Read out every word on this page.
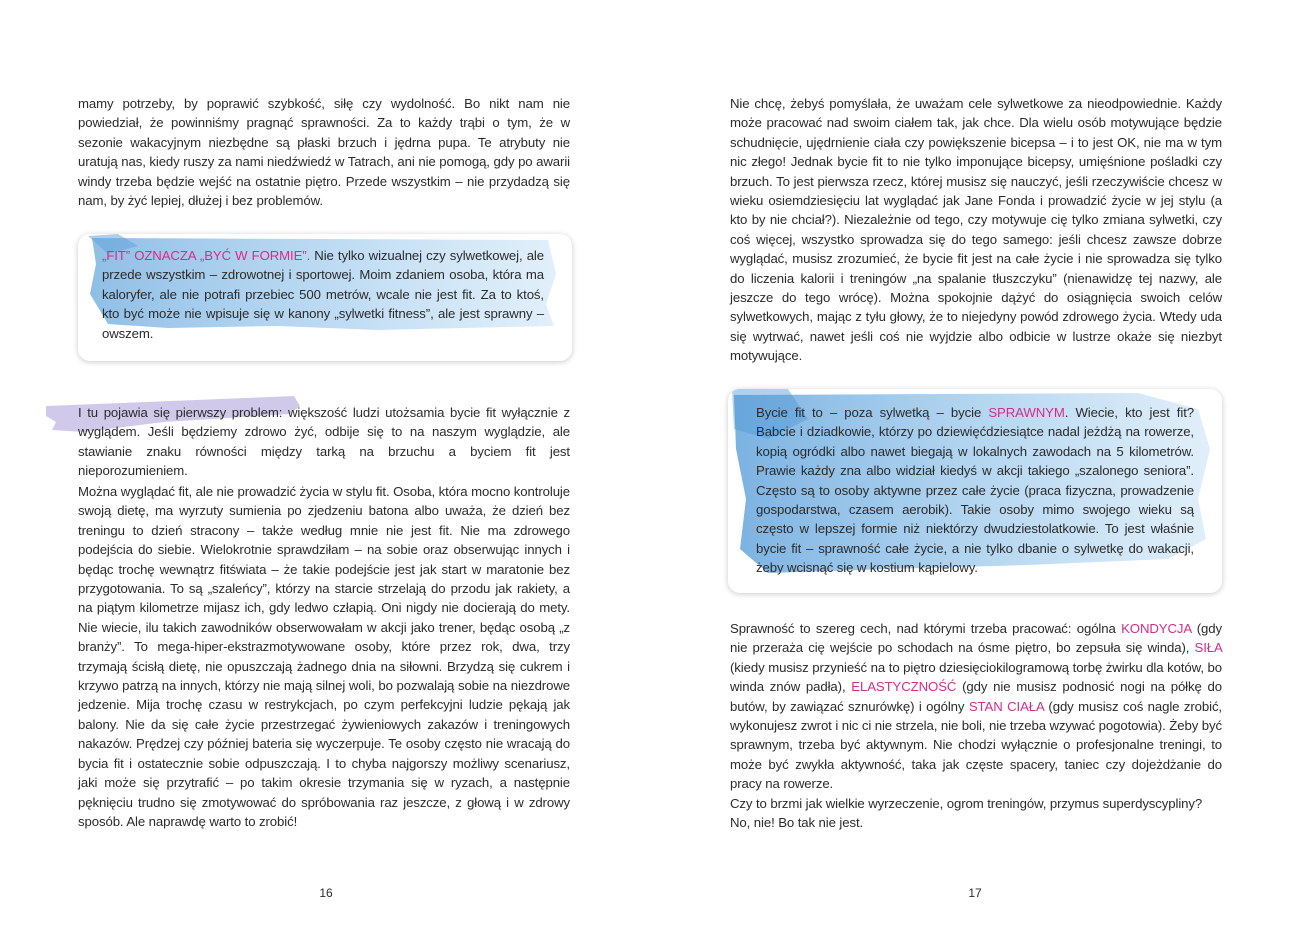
mamy potrzeby, by poprawić szybkość, siłę czy wydolność. Bo nikt nam nie powiedział, że powinniśmy pragnąć sprawności. Za to każdy trąbi o tym, że w sezonie wakacyjnym niezbędne są płaski brzuch i jędrna pupa. Te atrybuty nie uratują nas, kiedy ruszy za nami niedźwiedź w Tatrach, ani nie pomogą, gdy po awarii windy trzeba będzie wejść na ostatnie piętro. Przede wszystkim – nie przydadzą się nam, by żyć lepiej, dłużej i bez problemów.

„FIT” OZNACZA „BYĆ W FORMIE”. Nie tylko wizualnej czy sylwetkowej, ale przede wszystkim – zdrowotnej i sportowej. Moim zdaniem osoba, która ma kaloryfer, ale nie potrafi przebiec 500 metrów, wcale nie jest fit. Za to ktoś, kto być może nie wpisuje się w kanony „sylwetki fitness”, ale jest sprawny – owszem.

I tu pojawia się pierwszy problem: większość ludzi utożsamia bycie fit wyłącznie z wyglądem. Jeśli będziemy zdrowo żyć, odbije się to na naszym wyglądzie, ale stawianie znaku równości między tarką na brzuchu a byciem fit jest nieporozumieniem.

Można wyglądać fit, ale nie prowadzić życia w stylu fit. Osoba, która mocno kontroluje swoją dietę, ma wyrzuty sumienia po zjedzeniu batona albo uważa, że dzień bez treningu to dzień stracony – także według mnie nie jest fit. Nie ma zdrowego podejścia do siebie. Wielokrotnie sprawdziłam – na sobie oraz obserwując innych i będąc trochę wewnątrz fitświata – że takie podejście jest jak start w maratonie bez przygotowania. To są „szaleńcy”, którzy na starcie strzelają do przodu jak rakiety, a na piątym kilometrze mijasz ich, gdy ledwo człapią. Oni nigdy nie docierają do mety. Nie wiecie, ilu takich zawodników obserwowałam w akcji jako trener, będąc osobą „z branży”. To mega-hiper-ekstrazmotywowane osoby, które przez rok, dwa, trzy trzymają ścisłą dietę, nie opuszczają żadnego dnia na siłowni. Brzydzą się cukrem i krzywo patrzą na innych, którzy nie mają silnej woli, bo pozwalają sobie na niezdrowe jedzenie. Mija trochę czasu w restrykcjach, po czym perfekcyjni ludzie pękają jak balony. Nie da się całe życie przestrzegać żywieniowych zakazów i treningowych nakazów. Prędzej czy później bateria się wyczerpuje. Te osoby często nie wracają do bycia fit i ostatecznie sobie odpuszczają. I to chyba najgorszy możliwy scenariusz, jaki może się przytrafić – po takim okresie trzymania się w ryzach, a następnie pęknięciu trudno się zmotywować do spróbowania raz jeszcze, z głową i w zdrowy sposób. Ale naprawdę warto to zrobić!

16

Nie chcę, żebyś pomyślała, że uważam cele sylwetkowe za nieodpowiednie. Każdy może pracować nad swoim ciałem tak, jak chce. Dla wielu osób motywujące będzie schudnięcie, ujędrnienie ciała czy powiększenie bicepsa – i to jest OK, nie ma w tym nic złego! Jednak bycie fit to nie tylko imponujące bicepsy, umięśnione pośladki czy brzuch. To jest pierwsza rzecz, której musisz się nauczyć, jeśli rzeczywiście chcesz w wieku osiemdziesięciu lat wyglądać jak Jane Fonda i prowadzić życie w jej stylu (a kto by nie chciał?). Niezależnie od tego, czy motywuje cię tylko zmiana sylwetki, czy coś więcej, wszystko sprowadza się do tego samego: jeśli chcesz zawsze dobrze wyglądać, musisz zrozumieć, że bycie fit jest na całe życie i nie sprowadza się tylko do liczenia kalorii i treningów „na spalanie tłuszczyku” (nienawidzę tej nazwy, ale jeszcze do tego wrócę). Można spokojnie dążyć do osiągnięcia swoich celów sylwetkowych, mając z tyłu głowy, że to niejedyny powód zdrowego życia. Wtedy uda się wytrwać, nawet jeśli coś nie wyjdzie albo odbicie w lustrze okaże się niezbyt motywujące.

Bycie fit to – poza sylwetką – bycie SPRAWNYM. Wiecie, kto jest fit? Babcie i dziadkowie, którzy po dziewięćdziesiątce nadal jeżdżą na rowerze, kopią ogródki albo nawet biegają w lokalnych zawodach na 5 kilometrów. Prawie każdy zna albo widział kiedyś w akcji takiego „szalonego seniora”. Często są to osoby aktywne przez całe życie (praca fizyczna, prowadzenie gospodarstwa, czasem aerobik). Takie osoby mimo swojego wieku są często w lepszej formie niż niektórzy dwudziestolatkowie. To jest właśnie bycie fit – sprawność całe życie, a nie tylko dbanie o sylwetkę do wakacji, żeby wcisnąć się w kostium kąpielowy.

Sprawność to szereg cech, nad którymi trzeba pracować: ogólna KONDYCJA (gdy nie przeraża cię wejście po schodach na ósme piętro, bo zepsuła się winda), SIŁA (kiedy musisz przynieść na to piętro dziesięciokilogramową torbę żwirku dla kotów, bo winda znów padła), ELASTYCZNOŚĆ (gdy nie musisz podnosić nogi na półkę do butów, by zawiązać sznurówkę) i ogólny STAN CIAŁA (gdy musisz coś nagle zrobić, wykonujesz zwrot i nic ci nie strzela, nie boli, nie trzeba wzywać pogotowia). Żeby być sprawnym, trzeba być aktywnym. Nie chodzi wyłącznie o profesjonalne treningi, to może być zwykła aktywność, taka jak częste spacery, taniec czy dojeżdżanie do pracy na rowerze.

Czy to brzmi jak wielkie wyrzeczenie, ogrom treningów, przymus superdyscypliny? No, nie! Bo tak nie jest.

17
